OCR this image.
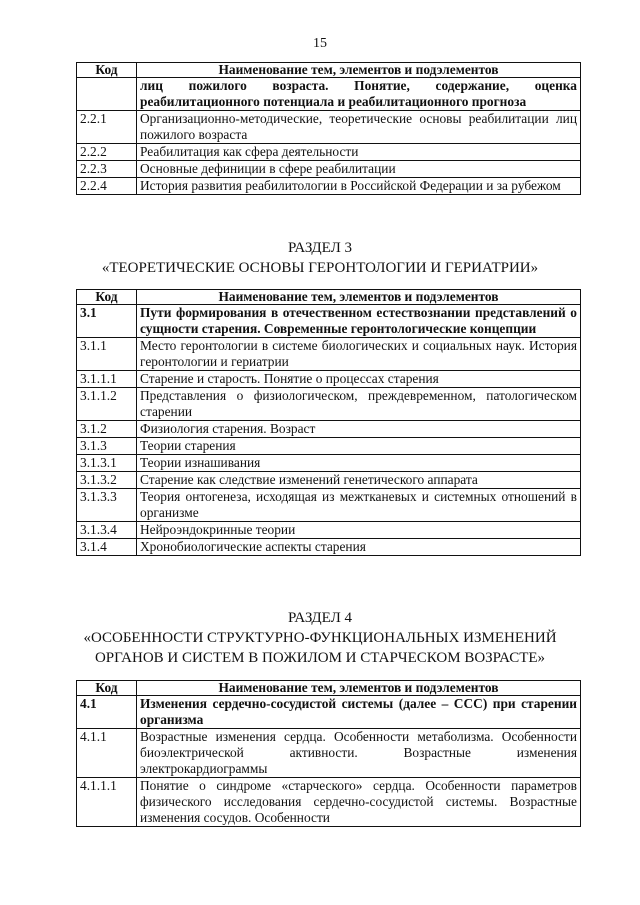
15
Код	Наименование тем, элементов и подэлементов
	лиц пожилого возраста. Понятие, содержание, оценка реабилитационного потенциала и реабилитационного прогноза
2.2.1	Организационно-методические, теоретические основы реабилитации лиц пожилого возраста
2.2.2	Реабилитация как сфера деятельности
2.2.3	Основные дефиниции в сфере реабилитации
2.2.4	История развития реабилитологии в Российской Федерации и за рубежом
РАЗДЕЛ 3
«ТЕОРЕТИЧЕСКИЕ ОСНОВЫ ГЕРОНТОЛОГИИ И ГЕРИАТРИИ»
Код	Наименование тем, элементов и подэлементов
3.1	Пути формирования в отечественном естествознании представлений о сущности старения. Современные геронтологические концепции
3.1.1	Место геронтологии в системе биологических и социальных наук. История геронтологии и гериатрии
3.1.1.1	Старение и старость. Понятие о процессах старения
3.1.1.2	Представления о физиологическом, преждевременном, патологическом старении
3.1.2	Физиология старения. Возраст
3.1.3	Теории старения
3.1.3.1	Теории изнашивания
3.1.3.2	Старение как следствие изменений генетического аппарата
3.1.3.3	Теория онтогенеза, исходящая из межтканевых и системных отношений в организме
3.1.3.4	Нейроэндокринные теории
3.1.4	Хронобиологические аспекты старения
РАЗДЕЛ 4
«ОСОБЕННОСТИ СТРУКТУРНО-ФУНКЦИОНАЛЬНЫХ ИЗМЕНЕНИЙ
ОРГАНОВ И СИСТЕМ В ПОЖИЛОМ И СТАРЧЕСКОМ ВОЗРАСТЕ»
Код	Наименование тем, элементов и подэлементов
4.1	Изменения сердечно-сосудистой системы (далее – ССС) при старении организма
4.1.1	Возрастные изменения сердца. Особенности метаболизма. Особенности биоэлектрической активности. Возрастные изменения электрокардиограммы
4.1.1.1	Понятие о синдроме «старческого» сердца. Особенности параметров физического исследования сердечно-сосудистой системы. Возрастные изменения сосудов. Особенности
